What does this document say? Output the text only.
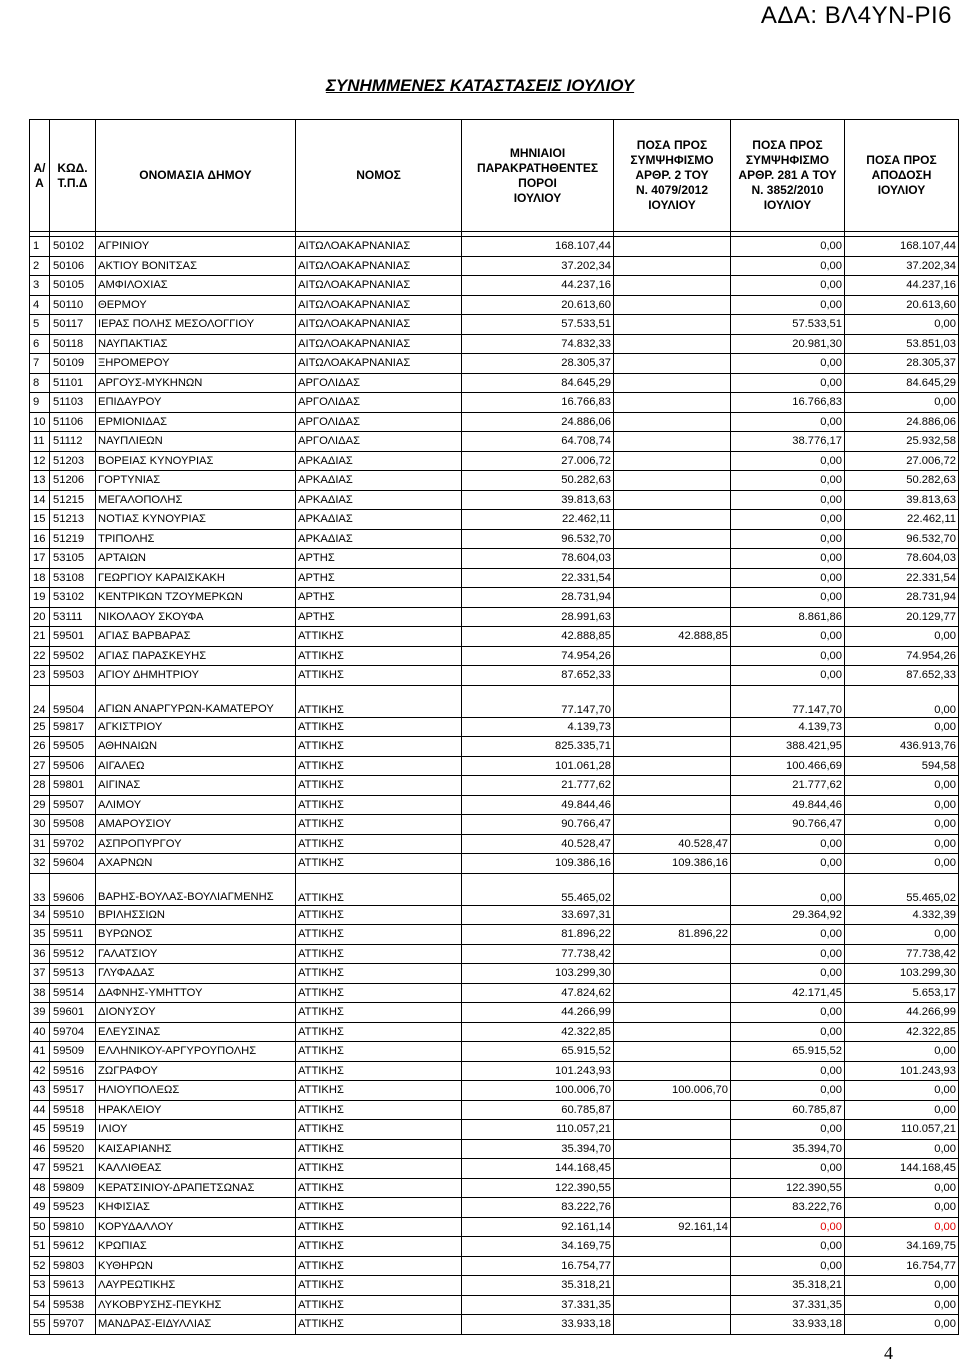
ΑΔΑ: ΒΛ4ΥΝ-ΡΙ6
ΣΥΝΗΜΜΕΝΕΣ ΚΑΤΑΣΤΑΣΕΙΣ ΙΟΥΛΙΟΥ
Α/Α	ΚΩΔ.
Τ.Π.Δ	ΟΝΟΜΑΣΙΑ ΔΗΜΟΥ	ΝΟΜΟΣ	ΜΗΝΙΑΙΟΙ
ΠΑΡΑΚΡΑΤΗΘΕΝΤΕΣ
ΠΟΡΟΙ
ΙΟΥΛΙΟΥ	ΠΟΣΑ ΠΡΟΣ
ΣΥΜΨΗΦΙΣΜΟ
ΑΡΘΡ. 2 ΤΟΥ
Ν. 4079/2012
ΙΟΥΛΙΟΥ	ΠΟΣΑ ΠΡΟΣ
ΣΥΜΨΗΦΙΣΜΟ
ΑΡΘΡ. 281 Α ΤΟΥ
Ν. 3852/2010
ΙΟΥΛΙΟΥ	ΠΟΣΑ ΠΡΟΣ
ΑΠΟΔΟΣΗ
ΙΟΥΛΙΟΥ

1	50102	ΑΓΡΙΝΙΟΥ	ΑΙΤΩΛΟΑΚΑΡΝΑΝΙΑΣ	168.107,44		0,00	168.107,44
2	50106	ΑΚΤΙΟΥ ΒΟΝΙΤΣΑΣ	ΑΙΤΩΛΟΑΚΑΡΝΑΝΙΑΣ	37.202,34		0,00	37.202,34
3	50105	ΑΜΦΙΛΟΧΙΑΣ	ΑΙΤΩΛΟΑΚΑΡΝΑΝΙΑΣ	44.237,16		0,00	44.237,16
4	50110	ΘΕΡΜΟΥ	ΑΙΤΩΛΟΑΚΑΡΝΑΝΙΑΣ	20.613,60		0,00	20.613,60
5	50117	ΙΕΡΑΣ ΠΟΛΗΣ ΜΕΣΟΛΟΓΓΙΟΥ	ΑΙΤΩΛΟΑΚΑΡΝΑΝΙΑΣ	57.533,51		57.533,51	0,00
6	50118	ΝΑΥΠΑΚΤΙΑΣ	ΑΙΤΩΛΟΑΚΑΡΝΑΝΙΑΣ	74.832,33		20.981,30	53.851,03
7	50109	ΞΗΡΟΜΕΡΟΥ	ΑΙΤΩΛΟΑΚΑΡΝΑΝΙΑΣ	28.305,37		0,00	28.305,37
8	51101	ΑΡΓΟΥΣ-ΜΥΚΗΝΩΝ	ΑΡΓΟΛΙΔΑΣ	84.645,29		0,00	84.645,29
9	51103	ΕΠΙΔΑΥΡΟΥ	ΑΡΓΟΛΙΔΑΣ	16.766,83		16.766,83	0,00
10	51106	ΕΡΜΙΟΝΙΔΑΣ	ΑΡΓΟΛΙΔΑΣ	24.886,06		0,00	24.886,06
11	51112	ΝΑΥΠΛΙΕΩΝ	ΑΡΓΟΛΙΔΑΣ	64.708,74		38.776,17	25.932,58
12	51203	ΒΟΡΕΙΑΣ ΚΥΝΟΥΡΙΑΣ	ΑΡΚΑΔΙΑΣ	27.006,72		0,00	27.006,72
13	51206	ΓΟΡΤΥΝΙΑΣ	ΑΡΚΑΔΙΑΣ	50.282,63		0,00	50.282,63
14	51215	ΜΕΓΑΛΟΠΟΛΗΣ	ΑΡΚΑΔΙΑΣ	39.813,63		0,00	39.813,63
15	51213	ΝΟΤΙΑΣ ΚΥΝΟΥΡΙΑΣ	ΑΡΚΑΔΙΑΣ	22.462,11		0,00	22.462,11
16	51219	ΤΡΙΠΟΛΗΣ	ΑΡΚΑΔΙΑΣ	96.532,70		0,00	96.532,70
17	53105	ΑΡΤΑΙΩΝ	ΑΡΤΗΣ	78.604,03		0,00	78.604,03
18	53108	ΓΕΩΡΓΙΟΥ ΚΑΡΑΙΣΚΑΚΗ	ΑΡΤΗΣ	22.331,54		0,00	22.331,54
19	53102	ΚΕΝΤΡΙΚΩΝ ΤΖΟΥΜΕΡΚΩΝ	ΑΡΤΗΣ	28.731,94		0,00	28.731,94
20	53111	ΝΙΚΟΛΑΟΥ ΣΚΟΥΦΑ	ΑΡΤΗΣ	28.991,63		8.861,86	20.129,77
21	59501	ΑΓΙΑΣ ΒΑΡΒΑΡΑΣ	ΑΤΤΙΚΗΣ	42.888,85	42.888,85	0,00	0,00
22	59502	ΑΓΙΑΣ ΠΑΡΑΣΚΕΥΗΣ	ΑΤΤΙΚΗΣ	74.954,26		0,00	74.954,26
23	59503	ΑΓΙΟΥ ΔΗΜΗΤΡΙΟΥ	ΑΤΤΙΚΗΣ	87.652,33		0,00	87.652,33
24	59504	ΑΓΙΩΝ ΑΝΑΡΓΥΡΩΝ-ΚΑΜΑΤΕΡΟΥ	ΑΤΤΙΚΗΣ	77.147,70		77.147,70	0,00
25	59817	ΑΓΚΙΣΤΡΙΟΥ	ΑΤΤΙΚΗΣ	4.139,73		4.139,73	0,00
26	59505	ΑΘΗΝΑΙΩΝ	ΑΤΤΙΚΗΣ	825.335,71		388.421,95	436.913,76
27	59506	ΑΙΓΑΛΕΩ	ΑΤΤΙΚΗΣ	101.061,28		100.466,69	594,58
28	59801	ΑΙΓΙΝΑΣ	ΑΤΤΙΚΗΣ	21.777,62		21.777,62	0,00
29	59507	ΑΛΙΜΟΥ	ΑΤΤΙΚΗΣ	49.844,46		49.844,46	0,00
30	59508	ΑΜΑΡΟΥΣΙΟΥ	ΑΤΤΙΚΗΣ	90.766,47		90.766,47	0,00
31	59702	ΑΣΠΡΟΠΥΡΓΟΥ	ΑΤΤΙΚΗΣ	40.528,47	40.528,47	0,00	0,00
32	59604	ΑΧΑΡΝΩΝ	ΑΤΤΙΚΗΣ	109.386,16	109.386,16	0,00	0,00
33	59606	ΒΑΡΗΣ-ΒΟΥΛΑΣ-ΒΟΥΛΙΑΓΜΕΝΗΣ	ΑΤΤΙΚΗΣ	55.465,02		0,00	55.465,02
34	59510	ΒΡΙΛΗΣΣΙΩΝ	ΑΤΤΙΚΗΣ	33.697,31		29.364,92	4.332,39
35	59511	ΒΥΡΩΝΟΣ	ΑΤΤΙΚΗΣ	81.896,22	81.896,22	0,00	0,00
36	59512	ΓΑΛΑΤΣΙΟΥ	ΑΤΤΙΚΗΣ	77.738,42		0,00	77.738,42
37	59513	ΓΛΥΦΑΔΑΣ	ΑΤΤΙΚΗΣ	103.299,30		0,00	103.299,30
38	59514	ΔΑΦΝΗΣ-ΥΜΗΤΤΟΥ	ΑΤΤΙΚΗΣ	47.824,62		42.171,45	5.653,17
39	59601	ΔΙΟΝΥΣΟΥ	ΑΤΤΙΚΗΣ	44.266,99		0,00	44.266,99
40	59704	ΕΛΕΥΣΙΝΑΣ	ΑΤΤΙΚΗΣ	42.322,85		0,00	42.322,85
41	59509	ΕΛΛΗΝΙΚΟΥ-ΑΡΓΥΡΟΥΠΟΛΗΣ	ΑΤΤΙΚΗΣ	65.915,52		65.915,52	0,00
42	59516	ΖΩΓΡΑΦΟΥ	ΑΤΤΙΚΗΣ	101.243,93		0,00	101.243,93
43	59517	ΗΛΙΟΥΠΟΛΕΩΣ	ΑΤΤΙΚΗΣ	100.006,70	100.006,70	0,00	0,00
44	59518	ΗΡΑΚΛΕΙΟΥ	ΑΤΤΙΚΗΣ	60.785,87		60.785,87	0,00
45	59519	ΙΛΙΟΥ	ΑΤΤΙΚΗΣ	110.057,21		0,00	110.057,21
46	59520	ΚΑΙΣΑΡΙΑΝΗΣ	ΑΤΤΙΚΗΣ	35.394,70		35.394,70	0,00
47	59521	ΚΑΛΛΙΘΕΑΣ	ΑΤΤΙΚΗΣ	144.168,45		0,00	144.168,45
48	59809	ΚΕΡΑΤΣΙΝΙΟΥ-ΔΡΑΠΕΤΣΩΝΑΣ	ΑΤΤΙΚΗΣ	122.390,55		122.390,55	0,00
49	59523	ΚΗΦΙΣΙΑΣ	ΑΤΤΙΚΗΣ	83.222,76		83.222,76	0,00
50	59810	ΚΟΡΥΔΑΛΛΟΥ	ΑΤΤΙΚΗΣ	92.161,14	92.161,14	0,00	0,00
51	59612	ΚΡΩΠΙΑΣ	ΑΤΤΙΚΗΣ	34.169,75		0,00	34.169,75
52	59803	ΚΥΘΗΡΩΝ	ΑΤΤΙΚΗΣ	16.754,77		0,00	16.754,77
53	59613	ΛΑΥΡΕΩΤΙΚΗΣ	ΑΤΤΙΚΗΣ	35.318,21		35.318,21	0,00
54	59538	ΛΥΚΟΒΡΥΣΗΣ-ΠΕΥΚΗΣ	ΑΤΤΙΚΗΣ	37.331,35		37.331,35	0,00
55	59707	ΜΑΝΔΡΑΣ-ΕΙΔΥΛΛΙΑΣ	ΑΤΤΙΚΗΣ	33.933,18		33.933,18	0,00
4
